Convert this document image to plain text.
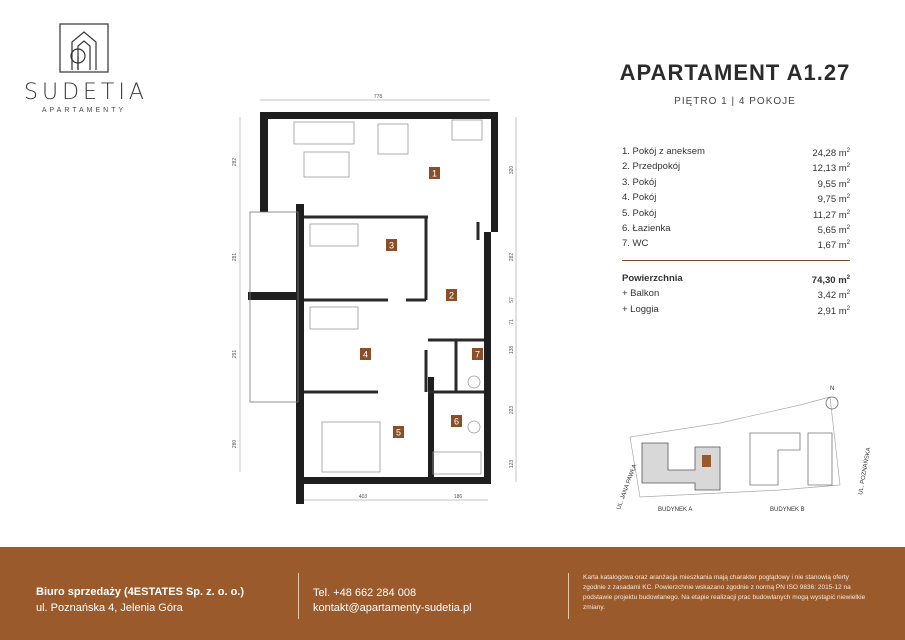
SUDETIA
APARTAMENTY
778
403	186
282
281
291
280
320
282
57
71
138
223
123
1
2
3
4
5
6
7
APARTAMENT A1.27
PIĘTRO 1 | 4 POKOJE
1. Pokój z aneksem	24,28 $m^2$
2. Przedpokój	12,13 $m^2$
3. Pokój	9,55 $m^2$
4. Pokój	9,75 $m^2$
5. Pokój	11,27 $m^2$
6. Łazienka	5,65 $m^2$
7. WC	1,67 $m^2$
Powierzchnia	74,30 $m^2$
+ Balkon	3,42 $m^2$
+ Loggia	2,91 $m^2$
N
UL. JANA PAWŁA	UL. POZNAŃSKA
BUDYNEK A	BUDYNEK B
Biuro sprzedaży (4ESTATES Sp. z. o. o.)
ul. Poznańska 4, Jelenia Góra
Tel. +48 662 284 008
kontakt@apartamenty-sudetia.pl
Karta katalogowa oraz aranżacja mieszkania mają charakter poglądowy i nie stanowią oferty zgodnie z zasadami KC. Powierzchnie wskazano zgodnie z normą PN ISO 9836: 2015-12 na podstawie projektu budowlanego. Na etapie realizacji prac budowlanych mogą wystąpić niewielkie zmiany.
